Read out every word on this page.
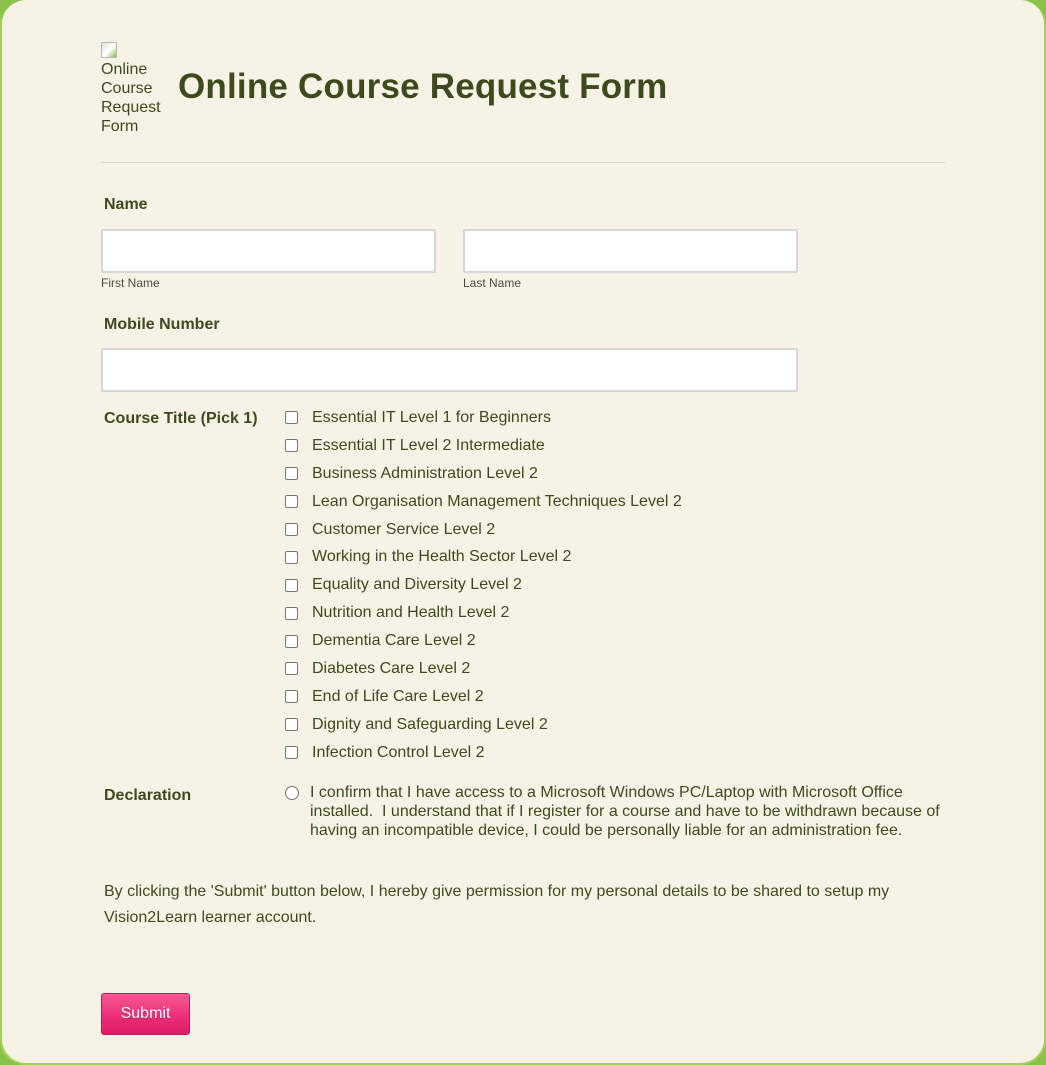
Online Course Request Form
Online Course Request Form
Name
First Name	Last Name
Mobile Number
Course Title (Pick 1)	Essential IT Level 1 for Beginners
Essential IT Level 2 Intermediate
Business Administration Level 2
Lean Organisation Management Techniques Level 2
Customer Service Level 2
Working in the Health Sector Level 2
Equality and Diversity Level 2
Nutrition and Health Level 2
Dementia Care Level 2
Diabetes Care Level 2
End of Life Care Level 2
Dignity and Safeguarding Level 2
Infection Control Level 2
Declaration	I confirm that I have access to a Microsoft Windows PC/Laptop with Microsoft Office installed.  I understand that if I register for a course and have to be withdrawn because of having an incompatible device, I could be personally liable for an administration fee.
By clicking the 'Submit' button below, I hereby give permission for my personal details to be shared to setup my Vision2Learn learner account.
Submit
